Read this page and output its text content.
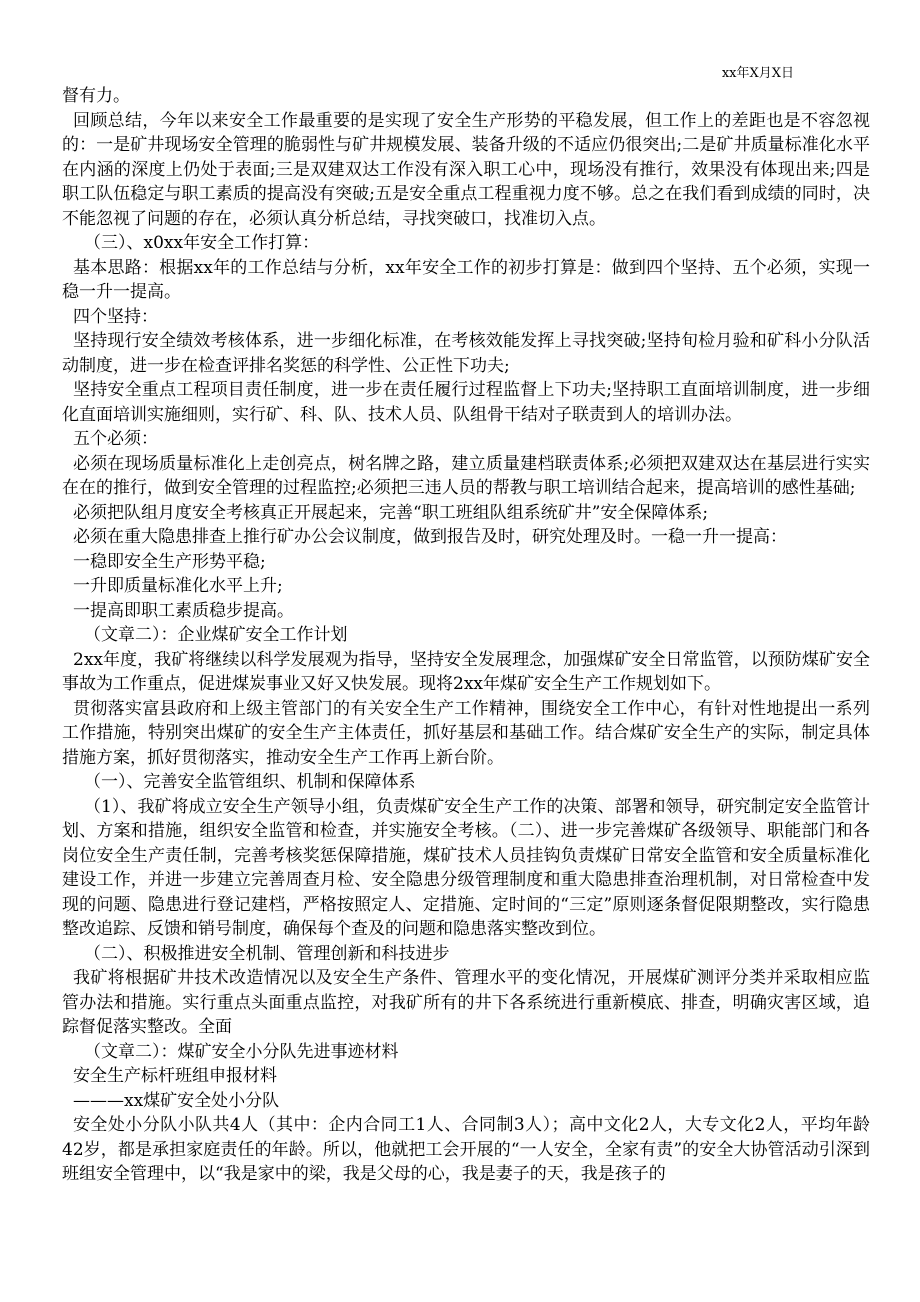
xx年X月X日

督有力。

回顾总结，今年以来安全工作最重要的是实现了安全生产形势的平稳发展，但工作上的差距也是不容忽视的：一是矿井现场安全管理的脆弱性与矿井规模发展、装备升级的不适应仍很突出;二是矿井质量标准化水平在内涵的深度上仍处于表面;三是双建双达工作没有深入职工心中，现场没有推行，效果没有体现出来;四是职工队伍稳定与职工素质的提高没有突破;五是安全重点工程重视力度不够。总之在我们看到成绩的同时，决不能忽视了问题的存在，必须认真分析总结，寻找突破口，找准切入点。

（三）、x0xx年安全工作打算：

基本思路：根据xx年的工作总结与分析，xx年安全工作的初步打算是：做到四个坚持、五个必须，实现一稳一升一提高。

四个坚持：

坚持现行安全绩效考核体系，进一步细化标准，在考核效能发挥上寻找突破;坚持旬检月验和矿科小分队活动制度，进一步在检查评排名奖惩的科学性、公正性下功夫;

坚持安全重点工程项目责任制度，进一步在责任履行过程监督上下功夫;坚持职工直面培训制度，进一步细化直面培训实施细则，实行矿、科、队、技术人员、队组骨干结对子联责到人的培训办法。

五个必须：

必须在现场质量标准化上走创亮点，树名牌之路，建立质量建档联责体系;必须把双建双达在基层进行实实在在的推行，做到安全管理的过程监控;必须把三违人员的帮教与职工培训结合起来，提高培训的感性基础;

必须把队组月度安全考核真正开展起来，完善“职工班组队组系统矿井”安全保障体系;

必须在重大隐患排查上推行矿办公会议制度，做到报告及时，研究处理及时。一稳一升一提高：

一稳即安全生产形势平稳;

一升即质量标准化水平上升;

一提高即职工素质稳步提高。

（文章二）：企业煤矿安全工作计划

2xx年度，我矿将继续以科学发展观为指导，坚持安全发展理念，加强煤矿安全日常监管，以预防煤矿安全事故为工作重点，促进煤炭事业又好又快发展。现将2xx年煤矿安全生产工作规划如下。

贯彻落实富县政府和上级主管部门的有关安全生产工作精神，围绕安全工作中心，有针对性地提出一系列工作措施，特别突出煤矿的安全生产主体责任，抓好基层和基础工作。结合煤矿安全生产的实际，制定具体措施方案，抓好贯彻落实，推动安全生产工作再上新台阶。

（一）、完善安全监管组织、机制和保障体系

（1）、我矿将成立安全生产领导小组，负责煤矿安全生产工作的决策、部署和领导，研究制定安全监管计划、方案和措施，组织安全监管和检查，并实施安全考核。（二）、进一步完善煤矿各级领导、职能部门和各岗位安全生产责任制，完善考核奖惩保障措施，煤矿技术人员挂钩负责煤矿日常安全监管和安全质量标准化建设工作，并进一步建立完善周查月检、安全隐患分级管理制度和重大隐患排查治理机制，对日常检查中发现的问题、隐患进行登记建档，严格按照定人、定措施、定时间的“三定”原则逐条督促限期整改，实行隐患整改追踪、反馈和销号制度，确保每个查及的问题和隐患落实整改到位。

（二）、积极推进安全机制、管理创新和科技进步

我矿将根据矿井技术改造情况以及安全生产条件、管理水平的变化情况，开展煤矿测评分类并采取相应监管办法和措施。实行重点头面重点监控，对我矿所有的井下各系统进行重新模底、排查，明确灾害区域，追踪督促落实整改。全面

（文章二）：煤矿安全小分队先进事迹材料

安全生产标杆班组申报材料

———xx煤矿安全处小分队

安全处小分队小队共4人（其中：企内合同工1人、合同制3人）；高中文化2人，大专文化2人，平均年龄42岁，都是承担家庭责任的年龄。所以，他就把工会开展的“一人安全，全家有责”的安全大协管活动引深到班组安全管理中，以“我是家中的梁，我是父母的心，我是妻子的天，我是孩子的
